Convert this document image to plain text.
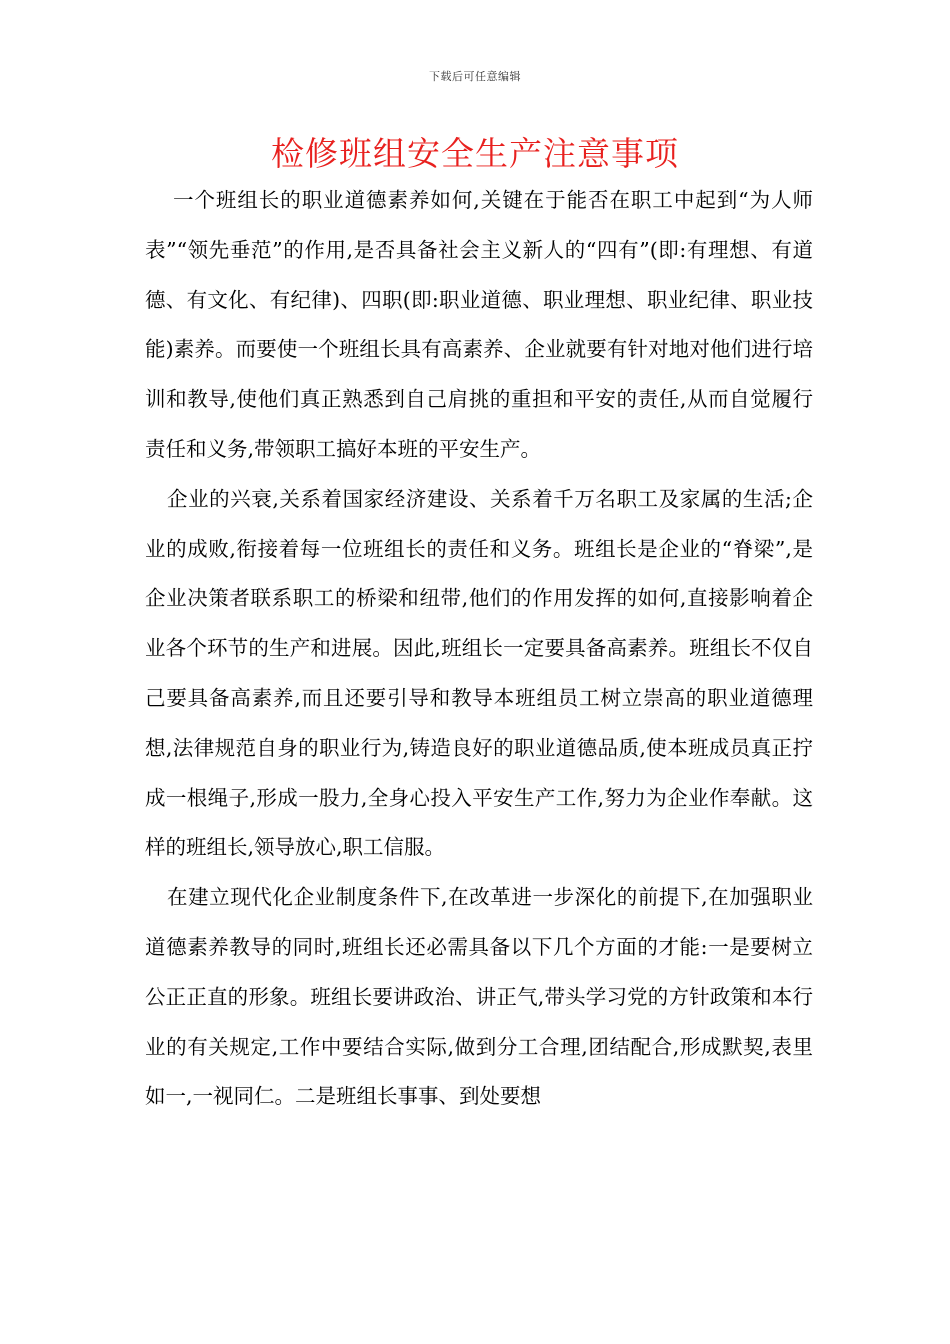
下载后可任意编辑
检修班组安全生产注意事项

一个班组长的职业道德素养如何,关键在于能否在职工中起到“为人师表”“领先垂范”的作用,是否具备社会主义新人的“四有”(即:有理想、有道德、有文化、有纪律)、四职(即:职业道德、职业理想、职业纪律、职业技能)素养。而要使一个班组长具有高素养、企业就要有针对地对他们进行培训和教导,使他们真正熟悉到自己肩挑的重担和平安的责任,从而自觉履行责任和义务,带领职工搞好本班的平安生产。

企业的兴衰,关系着国家经济建设、关系着千万名职工及家属的生活;企业的成败,衔接着每一位班组长的责任和义务。班组长是企业的“脊梁”,是企业决策者联系职工的桥梁和纽带,他们的作用发挥的如何,直接影响着企业各个环节的生产和进展。因此,班组长一定要具备高素养。班组长不仅自己要具备高素养,而且还要引导和教导本班组员工树立崇高的职业道德理想,法律规范自身的职业行为,铸造良好的职业道德品质,使本班成员真正拧成一根绳子,形成一股力,全身心投入平安生产工作,努力为企业作奉献。这样的班组长,领导放心,职工信服。

在建立现代化企业制度条件下,在改革进一步深化的前提下,在加强职业道德素养教导的同时,班组长还必需具备以下几个方面的才能:一是要树立公正正直的形象。班组长要讲政治、讲正气,带头学习党的方针政策和本行业的有关规定,工作中要结合实际,做到分工合理,团结配合,形成默契,表里如一,一视同仁。二是班组长事事、到处要想
